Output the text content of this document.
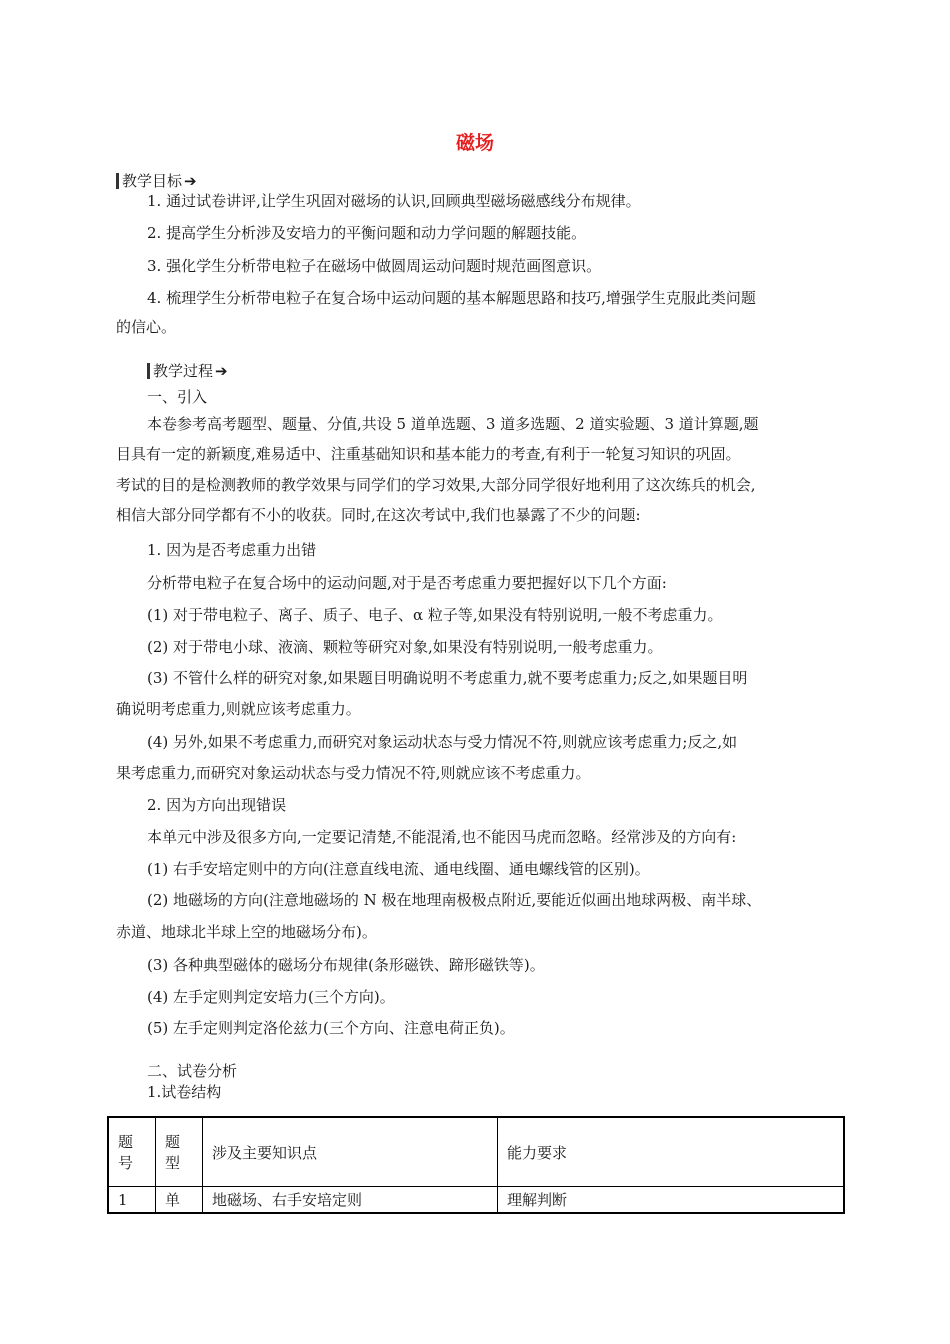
磁场
教学目标 ➔
1. 通过试卷讲评,让学生巩固对磁场的认识,回顾典型磁场磁感线分布规律。
2. 提高学生分析涉及安培力的平衡问题和动力学问题的解题技能。
3. 强化学生分析带电粒子在磁场中做圆周运动问题时规范画图意识。
4. 梳理学生分析带电粒子在复合场中运动问题的基本解题思路和技巧,增强学生克服此类问题
的信心。
教学过程 ➔
一、引入
本卷参考高考题型、题量、分值,共设 5 道单选题、3 道多选题、2 道实验题、3 道计算题,题
目具有一定的新颖度,难易适中、注重基础知识和基本能力的考查,有利于一轮复习知识的巩固。
考试的目的是检测教师的教学效果与同学们的学习效果,大部分同学很好地利用了这次练兵的机会,
相信大部分同学都有不小的收获。同时,在这次考试中,我们也暴露了不少的问题:
1. 因为是否考虑重力出错
分析带电粒子在复合场中的运动问题,对于是否考虑重力要把握好以下几个方面:
(1) 对于带电粒子、离子、质子、电子、α 粒子等,如果没有特别说明,一般不考虑重力。
(2) 对于带电小球、液滴、颗粒等研究对象,如果没有特别说明,一般考虑重力。
(3) 不管什么样的研究对象,如果题目明确说明不考虑重力,就不要考虑重力;反之,如果题目明
确说明考虑重力,则就应该考虑重力。
(4) 另外,如果不考虑重力,而研究对象运动状态与受力情况不符,则就应该考虑重力;反之,如
果考虑重力,而研究对象运动状态与受力情况不符,则就应该不考虑重力。
2. 因为方向出现错误
本单元中涉及很多方向,一定要记清楚,不能混淆,也不能因马虎而忽略。经常涉及的方向有:
(1) 右手安培定则中的方向(注意直线电流、通电线圈、通电螺线管的区别)。
(2) 地磁场的方向(注意地磁场的 N 极在地理南极极点附近,要能近似画出地球两极、南半球、
赤道、地球北半球上空的地磁场分布)。
(3) 各种典型磁体的磁场分布规律(条形磁铁、蹄形磁铁等)。
(4) 左手定则判定安培力(三个方向)。
(5) 左手定则判定洛伦兹力(三个方向、注意电荷正负)。
二、试卷分析
1.试卷结构
题号	题型	涉及主要知识点	能力要求
1	单	地磁场、右手安培定则	理解判断
